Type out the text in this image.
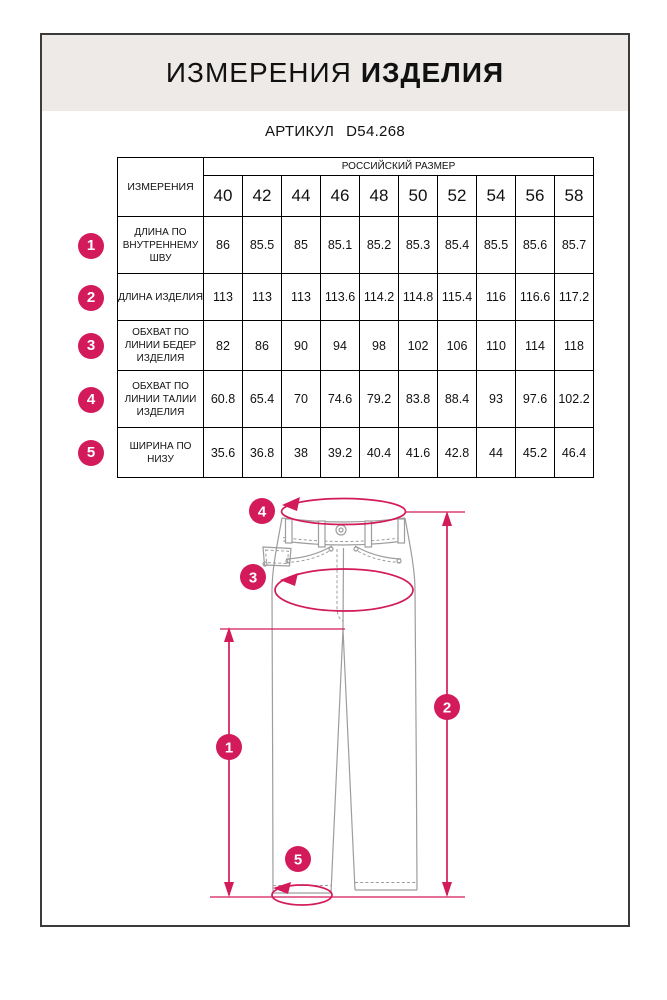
ИЗМЕРЕНИЯ ИЗДЕЛИЯ
АРТИКУЛ D54.268
ИЗМЕРЕНИЯ	РОССИЙСКИЙ РАЗМЕР									
	40	42	44	46	48	50	52	54	56	58
ДЛИНА ПО ВНУТРЕННЕМУ ШВУ	86	85.5	85	85.1	85.2	85.3	85.4	85.5	85.6	85.7
ДЛИНА ИЗДЕЛИЯ	113	113	113	113.6	114.2	114.8	115.4	116	116.6	117.2
ОБХВАТ ПО ЛИНИИ БЕДЕР ИЗДЕЛИЯ	82	86	90	94	98	102	106	110	114	118
ОБХВАТ ПО ЛИНИИ ТАЛИИ ИЗДЕЛИЯ	60.8	65.4	70	74.6	79.2	83.8	88.4	93	97.6	102.2
ШИРИНА ПО НИЗУ	35.6	36.8	38	39.2	40.4	41.6	42.8	44	45.2	46.4
4
3
1
2
5
1
2
3
4
5
